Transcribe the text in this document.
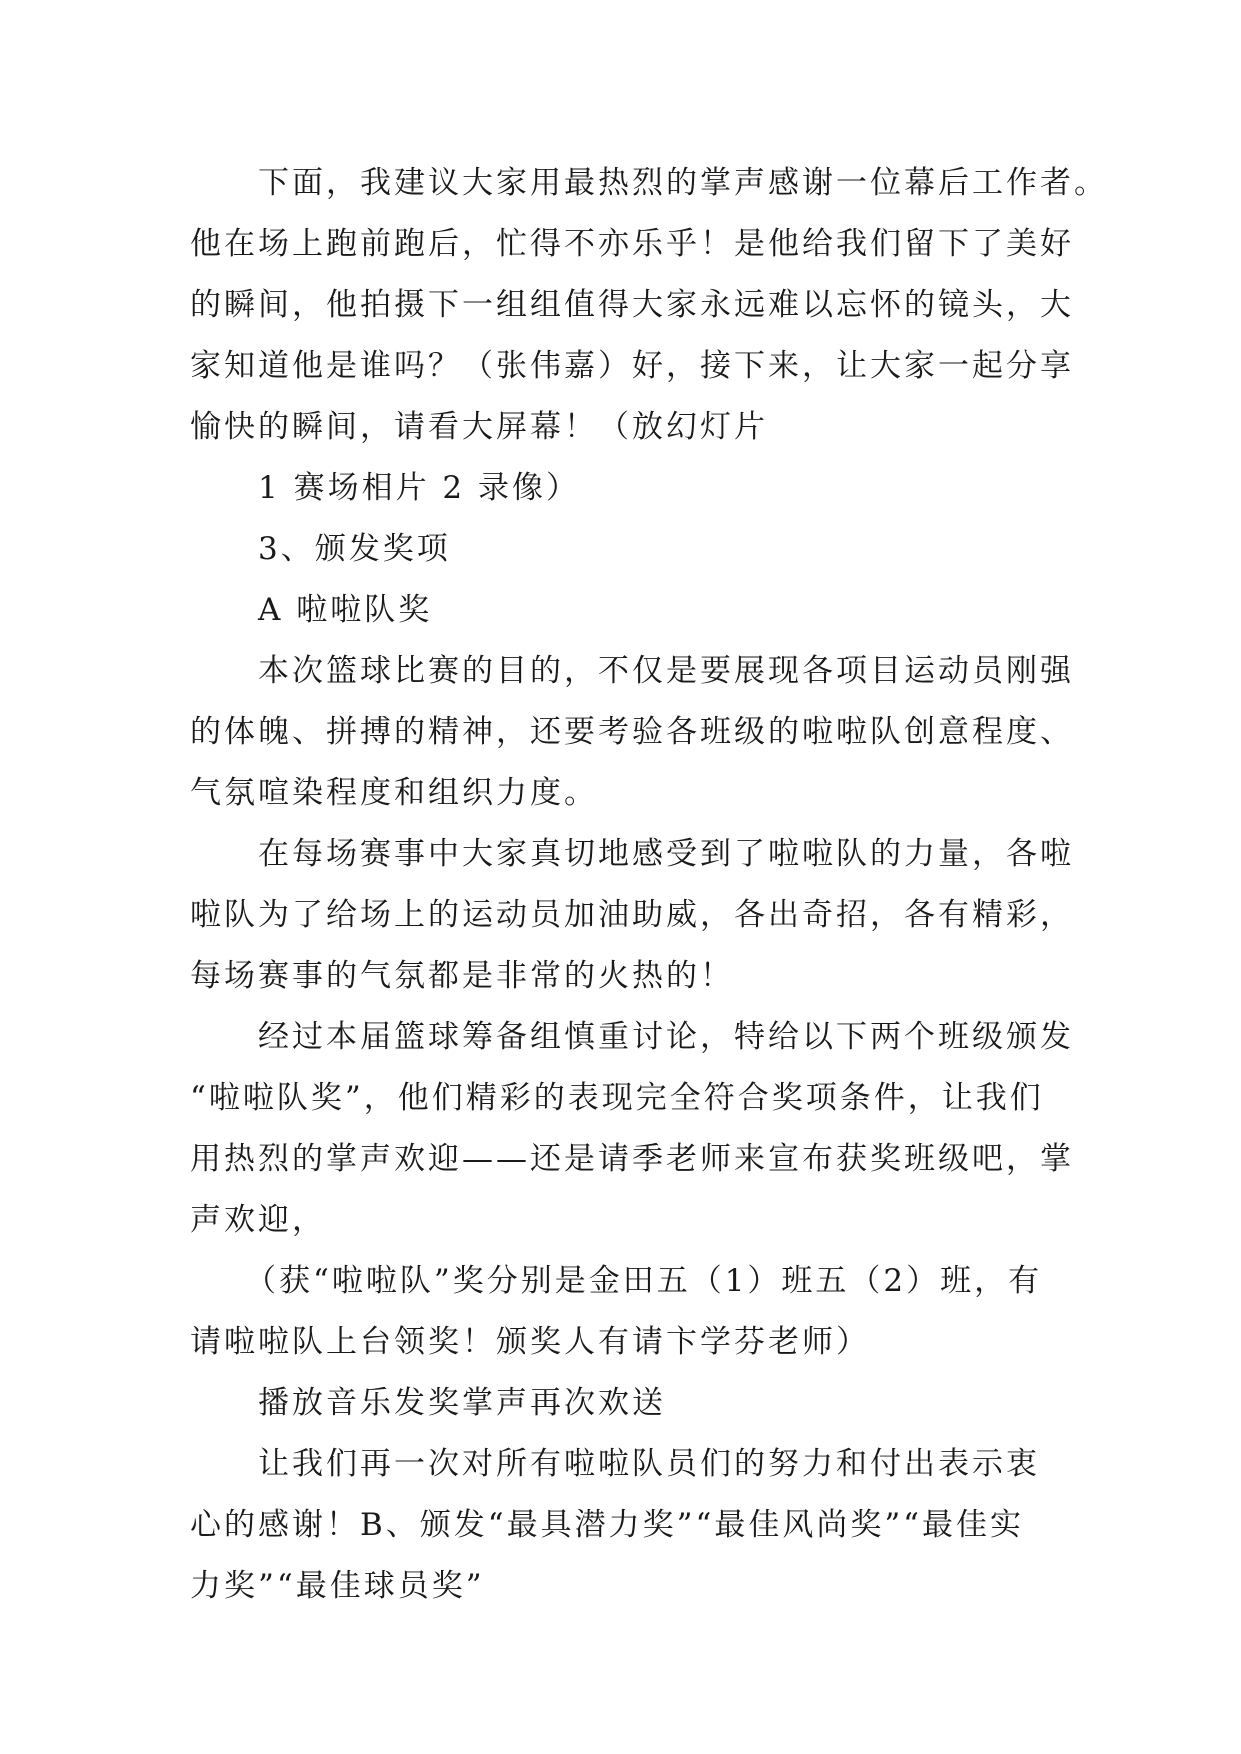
下面，我建议大家用最热烈的掌声感谢一位幕后工作者。
他在场上跑前跑后，忙得不亦乐乎！是他给我们留下了美好
的瞬间，他拍摄下一组组值得大家永远难以忘怀的镜头，大
家知道他是谁吗？（张伟嘉）好，接下来，让大家一起分享
愉快的瞬间，请看大屏幕！（放幻灯片
1 赛场相片 2 录像）
3、颁发奖项
A 啦啦队奖
本次篮球比赛的目的，不仅是要展现各项目运动员刚强
的体魄、拼搏的精神，还要考验各班级的啦啦队创意程度、
气氛喧染程度和组织力度。
在每场赛事中大家真切地感受到了啦啦队的力量，各啦
啦队为了给场上的运动员加油助威，各出奇招，各有精彩，
每场赛事的气氛都是非常的火热的！
经过本届篮球筹备组慎重讨论，特给以下两个班级颁发
“啦啦队奖”，他们精彩的表现完全符合奖项条件，让我们
用热烈的掌声欢迎——还是请季老师来宣布获奖班级吧，掌
声欢迎，
（获“啦啦队”奖分别是金田五（1）班五（2）班，有
请啦啦队上台领奖！颁奖人有请卞学芬老师）
播放音乐发奖掌声再次欢送
让我们再一次对所有啦啦队员们的努力和付出表示衷
心的感谢！B、颁发“最具潜力奖”“最佳风尚奖”“最佳实
力奖”“最佳球员奖”
